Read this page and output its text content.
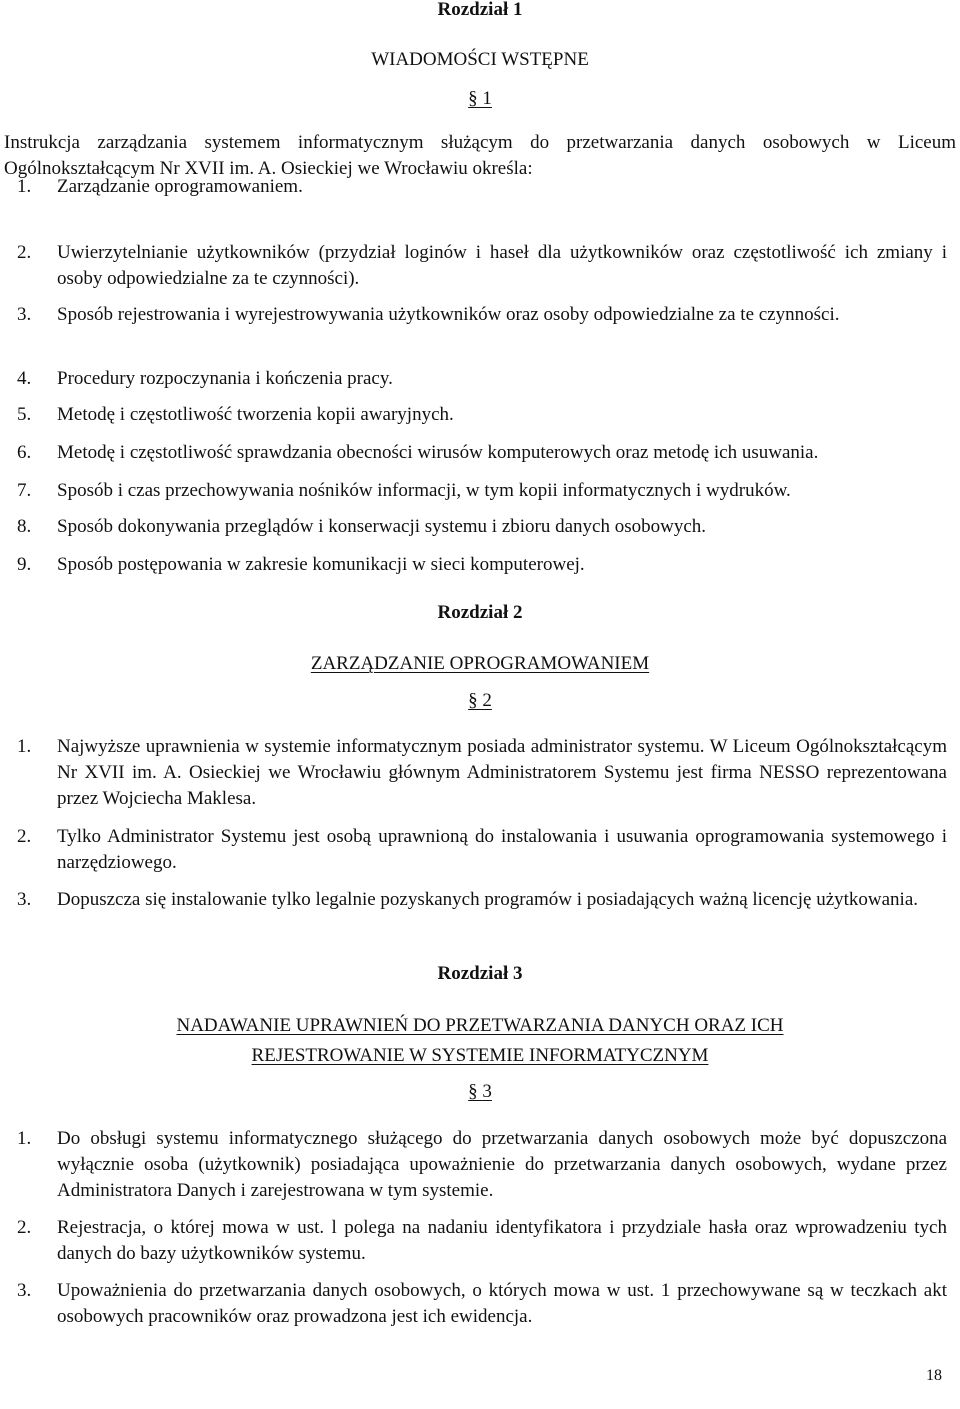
Rozdział 1
WIADOMOŚCI WSTĘPNE
§ 1
Instrukcja zarządzania systemem informatycznym służącym do przetwarzania danych osobowych w Liceum Ogólnokształcącym Nr XVII im. A. Osieckiej we Wrocławiu określa:
1. Zarządzanie oprogramowaniem.
2. Uwierzytelnianie użytkowników (przydział loginów i haseł dla użytkowników oraz częstotliwość ich zmiany i osoby odpowiedzialne za te czynności).
3. Sposób rejestrowania i wyrejestrowywania użytkowników oraz osoby odpowiedzialne za te czynności.
4. Procedury rozpoczynania i kończenia pracy.
5. Metodę i częstotliwość tworzenia kopii awaryjnych.
6. Metodę i częstotliwość sprawdzania obecności wirusów komputerowych oraz metodę ich usuwania.
7. Sposób i czas przechowywania nośników informacji, w tym kopii informatycznych i wydruków.
8. Sposób dokonywania przeglądów i konserwacji systemu i zbioru danych osobowych.
9. Sposób postępowania w zakresie komunikacji w sieci komputerowej.
Rozdział 2
ZARZĄDZANIE OPROGRAMOWANIEM
§ 2
1. Najwyższe uprawnienia w systemie informatycznym posiada administrator systemu. W Liceum Ogólnokształcącym Nr XVII im. A. Osieckiej we Wrocławiu głównym Administratorem Systemu jest firma NESSO reprezentowana przez Wojciecha Maklesa.
2. Tylko Administrator Systemu jest osobą uprawnioną do instalowania i usuwania oprogramowania systemowego i narzędziowego.
3. Dopuszcza się instalowanie tylko legalnie pozyskanych programów i posiadających ważną licencję użytkowania.
Rozdział 3
NADAWANIE UPRAWNIEŃ DO PRZETWARZANIA DANYCH ORAZ ICH
REJESTROWANIE W SYSTEMIE INFORMATYCZNYM
§ 3
1. Do obsługi systemu informatycznego służącego do przetwarzania danych osobowych może być dopuszczona wyłącznie osoba (użytkownik) posiadająca upoważnienie do przetwarzania danych osobowych, wydane przez Administratora Danych i zarejestrowana w tym systemie.
2. Rejestracja, o której mowa w ust. l polega na nadaniu identyfikatora i przydziale hasła oraz wprowadzeniu tych danych do bazy użytkowników systemu.
3. Upoważnienia do przetwarzania danych osobowych, o których mowa w ust. 1 przechowywane są w teczkach akt osobowych pracowników oraz prowadzona jest ich ewidencja.
18
